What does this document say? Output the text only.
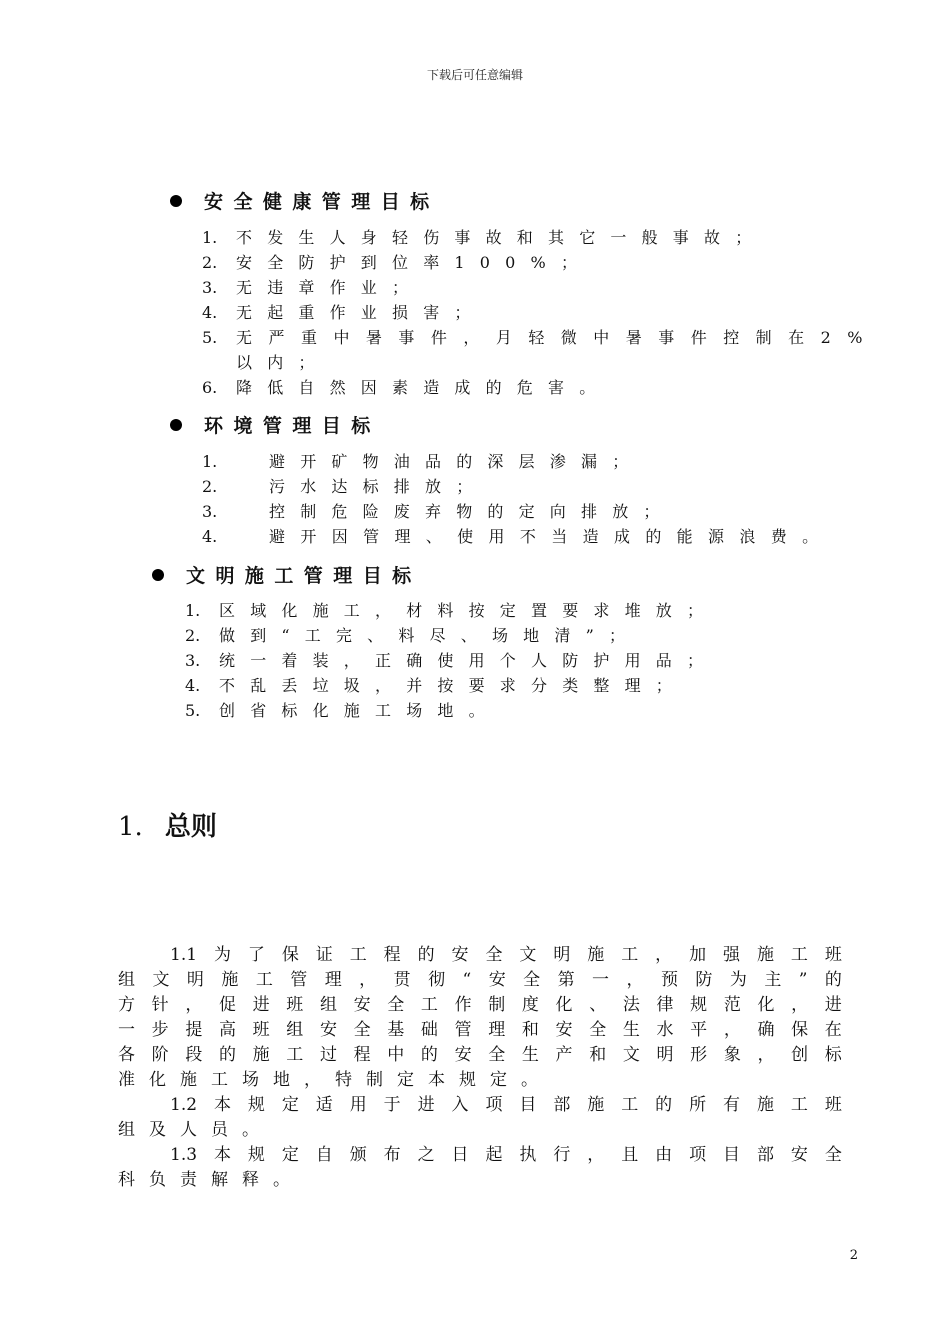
下载后可任意编辑
安全健康管理目标
1. 不发生人身轻伤事故和其它一般事故；
2. 安全防护到位率100%；
3. 无违章作业；
4. 无起重作业损害；
5. 无严重中暑事件，月轻微中暑事件控制在2%
以内；
6. 降低自然因素造成的危害。
环境管理目标
1.	避开矿物油品的深层渗漏；
2.	污水达标排放；
3.	控制危险废弃物的定向排放；
4.	避开因管理、使用不当造成的能源浪费。
文明施工管理目标
1. 区域化施工，材料按定置要求堆放；
2. 做到“工完、料尽、场地清”；
3. 统一着装，正确使用个人防护用品；
4. 不乱丢垃圾，并按要求分类整理；
5. 创省标化施工场地。
1. 总则
1.1 为 了 保 证 工 程 的 安 全 文 明 施 工 ， 加 强 施 工 班
组 文 明 施 工 管 理 ， 贯 彻 “ 安 全 第 一 ， 预 防 为 主 ” 的
方 针 ， 促 进 班 组 安 全 工 作 制 度 化 、 法 律 规 范 化 ， 进
一 步 提 高 班 组 安 全 基 础 管 理 和 安 全 生 水 平 ， 确 保 在
各 阶 段 的 施 工 过 程 中 的 安 全 生 产 和 文 明 形 象 ， 创 标
准 化 施 工 场 地 ， 特 制 定 本 规 定 。
1.2 本 规 定 适 用 于 进 入 项 目 部 施 工 的 所 有 施 工 班
组 及 人 员 。
1.3 本 规 定 自 颁 布 之 日 起 执 行 ， 且 由 项 目 部 安 全
科 负 责 解 释 。
2
